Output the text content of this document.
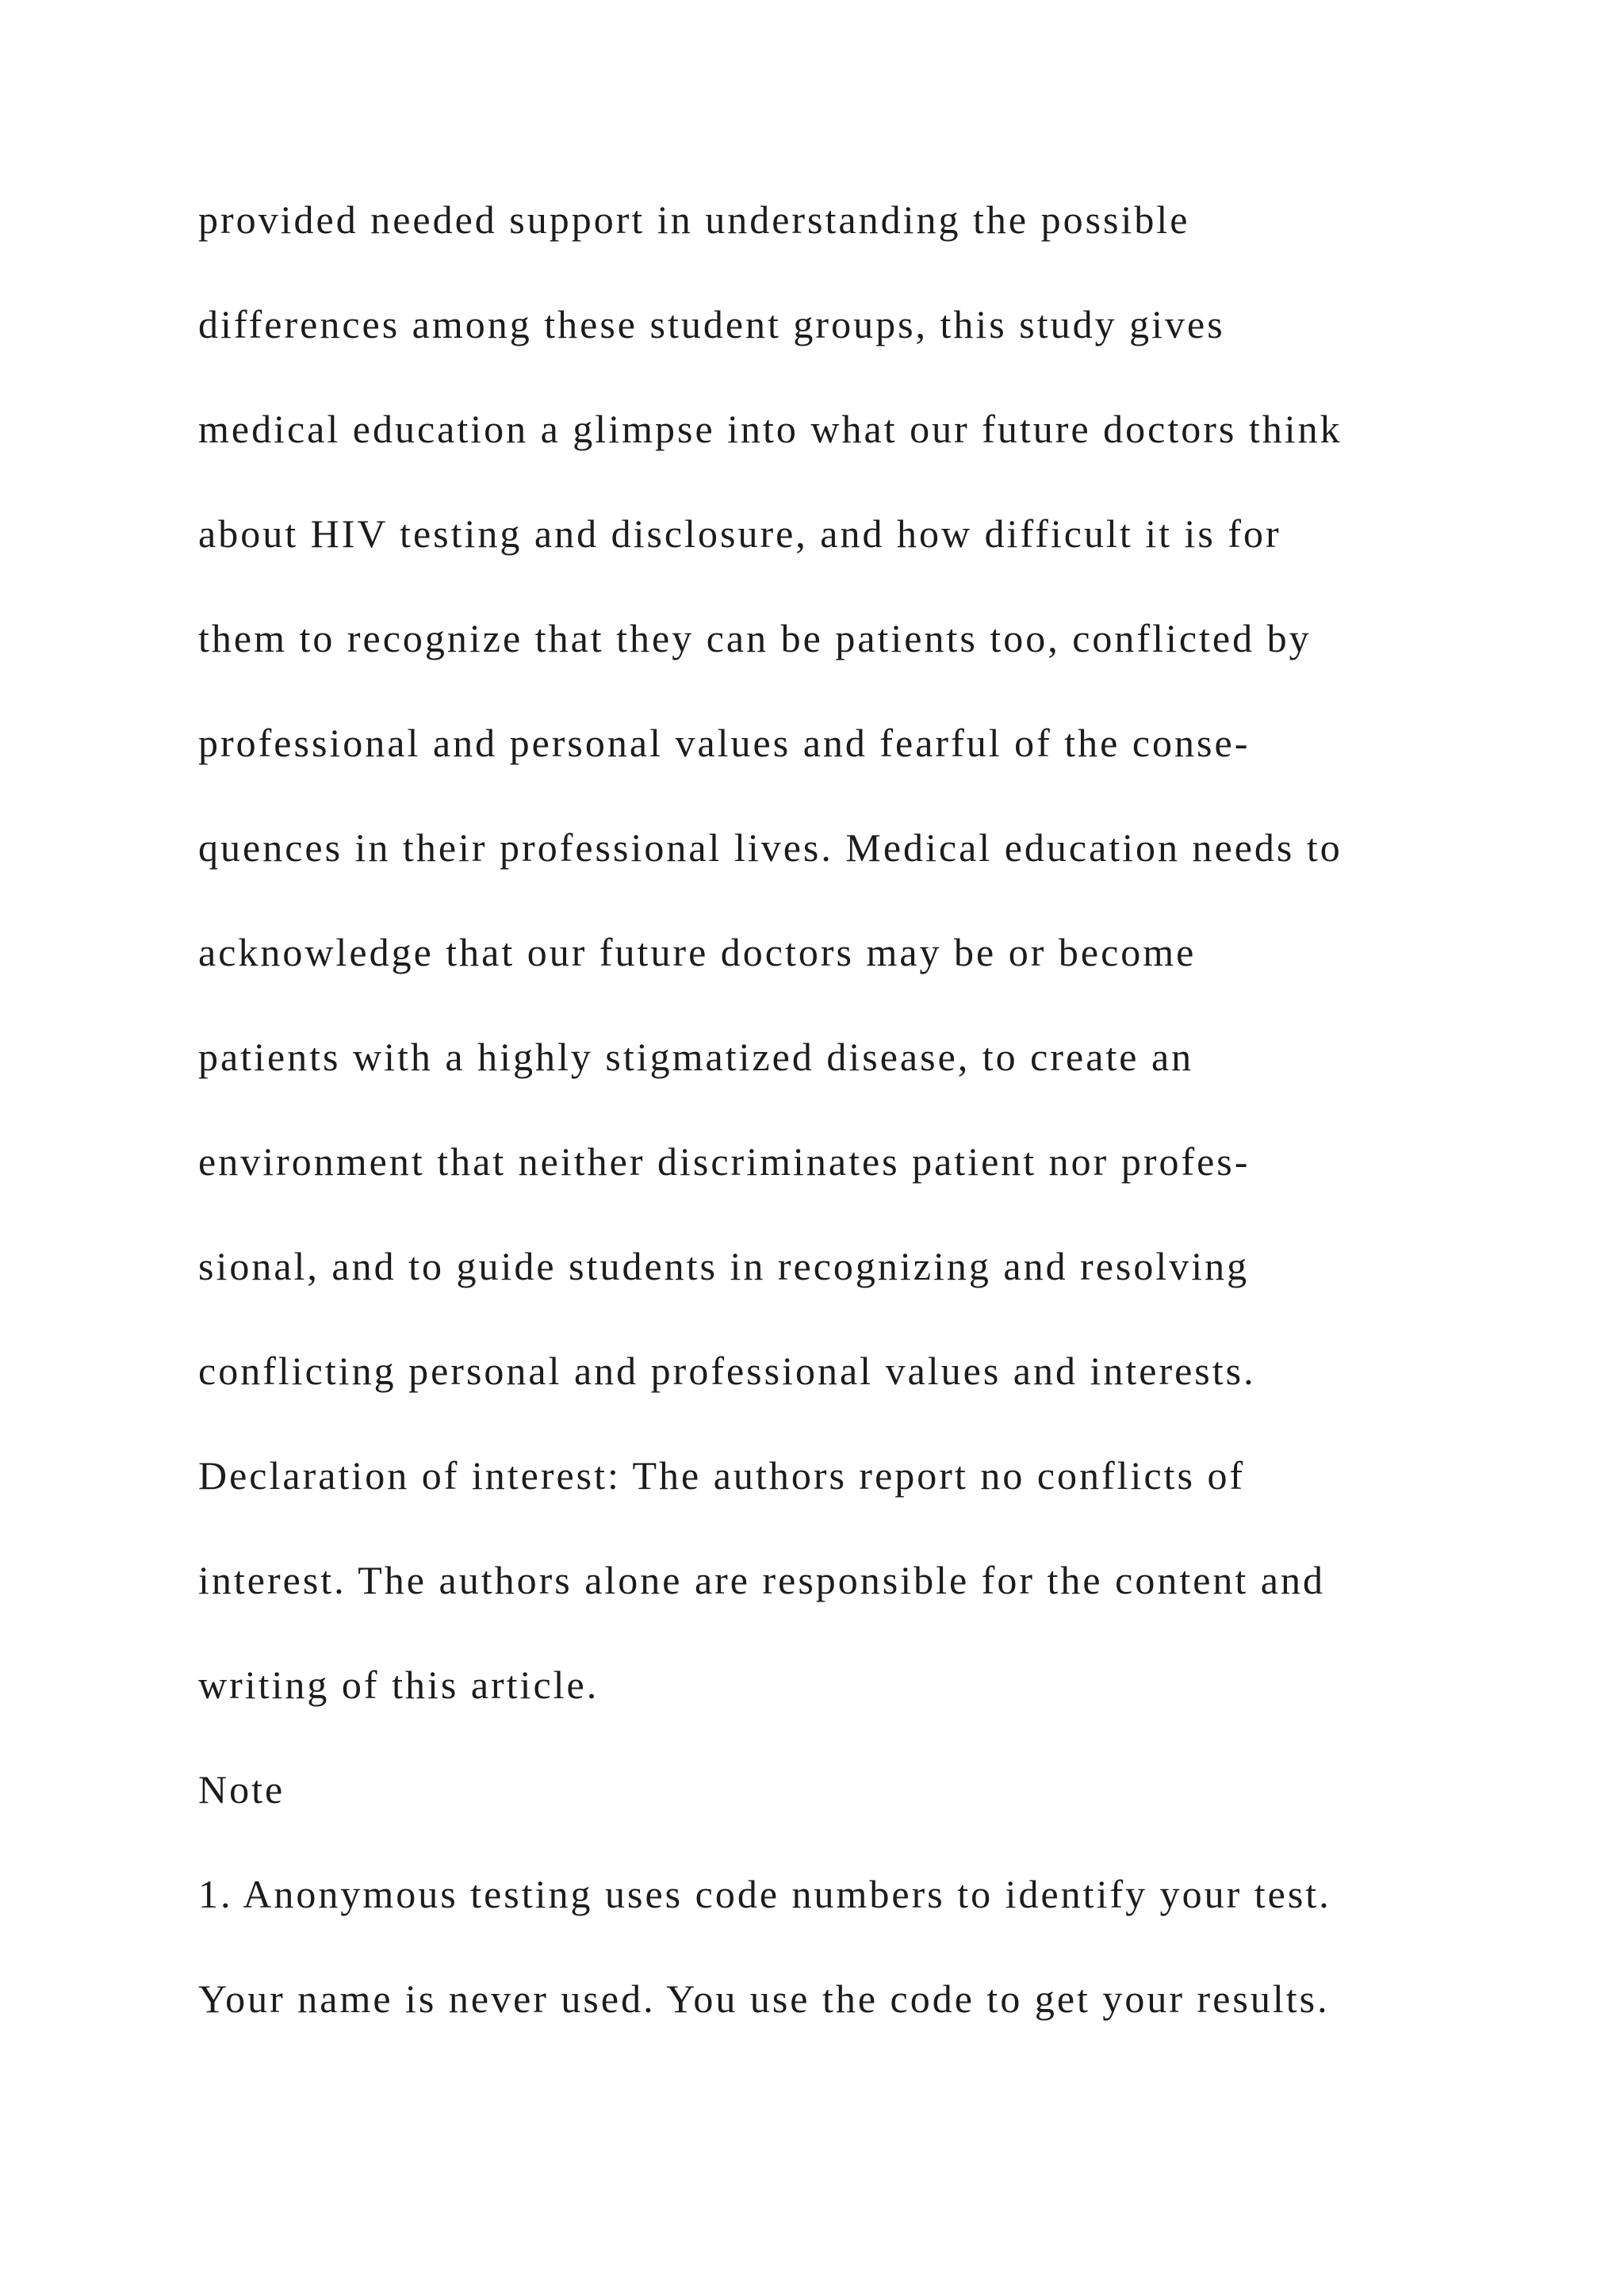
provided needed support in understanding the possible
differences among these student groups, this study gives
medical education a glimpse into what our future doctors think
about HIV testing and disclosure, and how difficult it is for
them to recognize that they can be patients too, conflicted by
professional and personal values and fearful of the conse-
quences in their professional lives. Medical education needs to
acknowledge that our future doctors may be or become
patients with a highly stigmatized disease, to create an
environment that neither discriminates patient nor profes-
sional, and to guide students in recognizing and resolving
conflicting personal and professional values and interests.
Declaration of interest: The authors report no conflicts of
interest. The authors alone are responsible for the content and
writing of this article.
Note
1. Anonymous testing uses code numbers to identify your test.
Your name is never used. You use the code to get your results.
